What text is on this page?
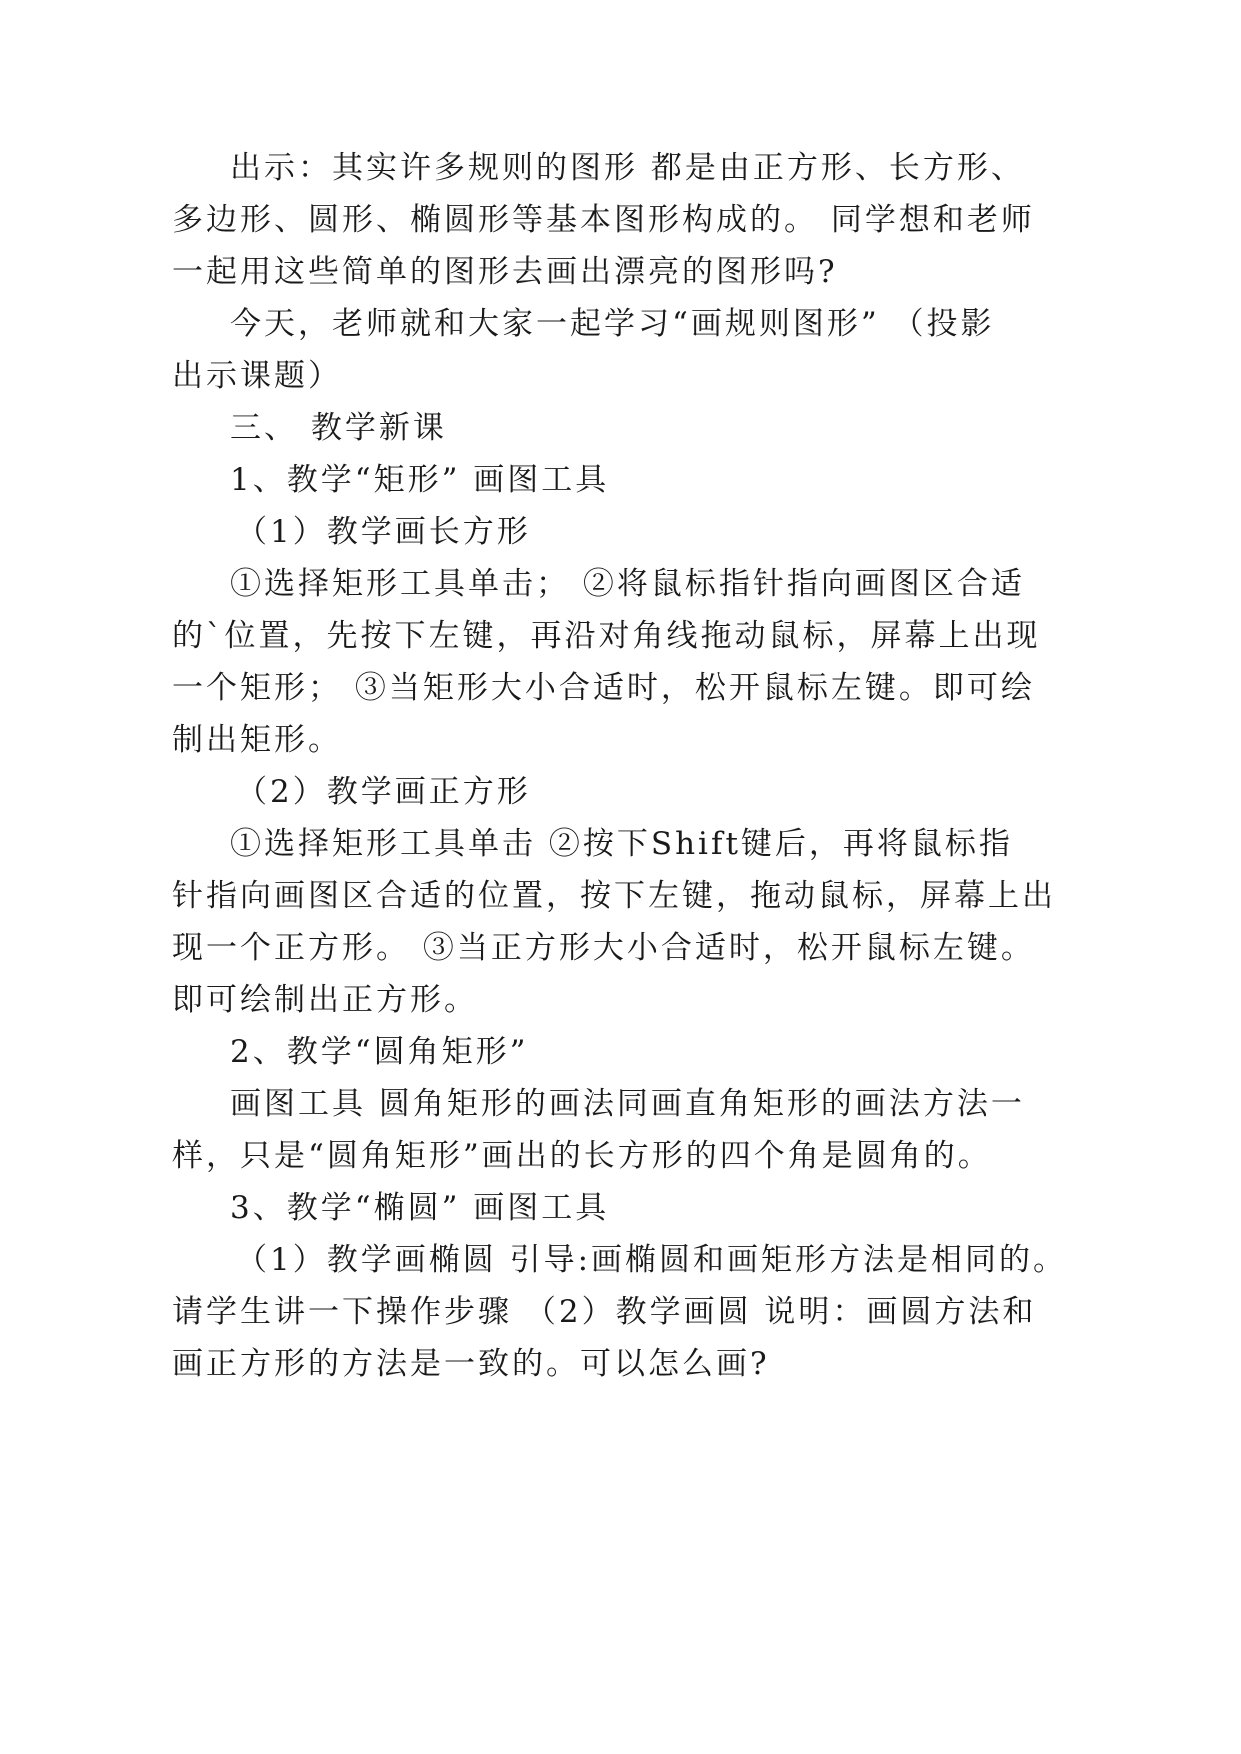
出示：其实许多规则的图形 都是由正方形、长方形、
多边形、圆形、椭圆形等基本图形构成的。 同学想和老师
一起用这些简单的图形去画出漂亮的图形吗?
今天，老师就和大家一起学习“画规则图形” （投影
出示课题）
三、 教学新课
1、教学“矩形” 画图工具
（1）教学画长方形
①选择矩形工具单击； ②将鼠标指针指向画图区合适
的`位置，先按下左键，再沿对角线拖动鼠标，屏幕上出现
一个矩形； ③当矩形大小合适时，松开鼠标左键。即可绘
制出矩形。
（2）教学画正方形
①选择矩形工具单击 ②按下Shift键后，再将鼠标指
针指向画图区合适的位置，按下左键，拖动鼠标，屏幕上出
现一个正方形。 ③当正方形大小合适时，松开鼠标左键。
即可绘制出正方形。
2、教学“圆角矩形”
画图工具 圆角矩形的画法同画直角矩形的画法方法一
样，只是“圆角矩形”画出的长方形的四个角是圆角的。
3、教学“椭圆” 画图工具
（1）教学画椭圆 引导:画椭圆和画矩形方法是相同的。
请学生讲一下操作步骤 （2）教学画圆 说明：画圆方法和
画正方形的方法是一致的。可以怎么画?
